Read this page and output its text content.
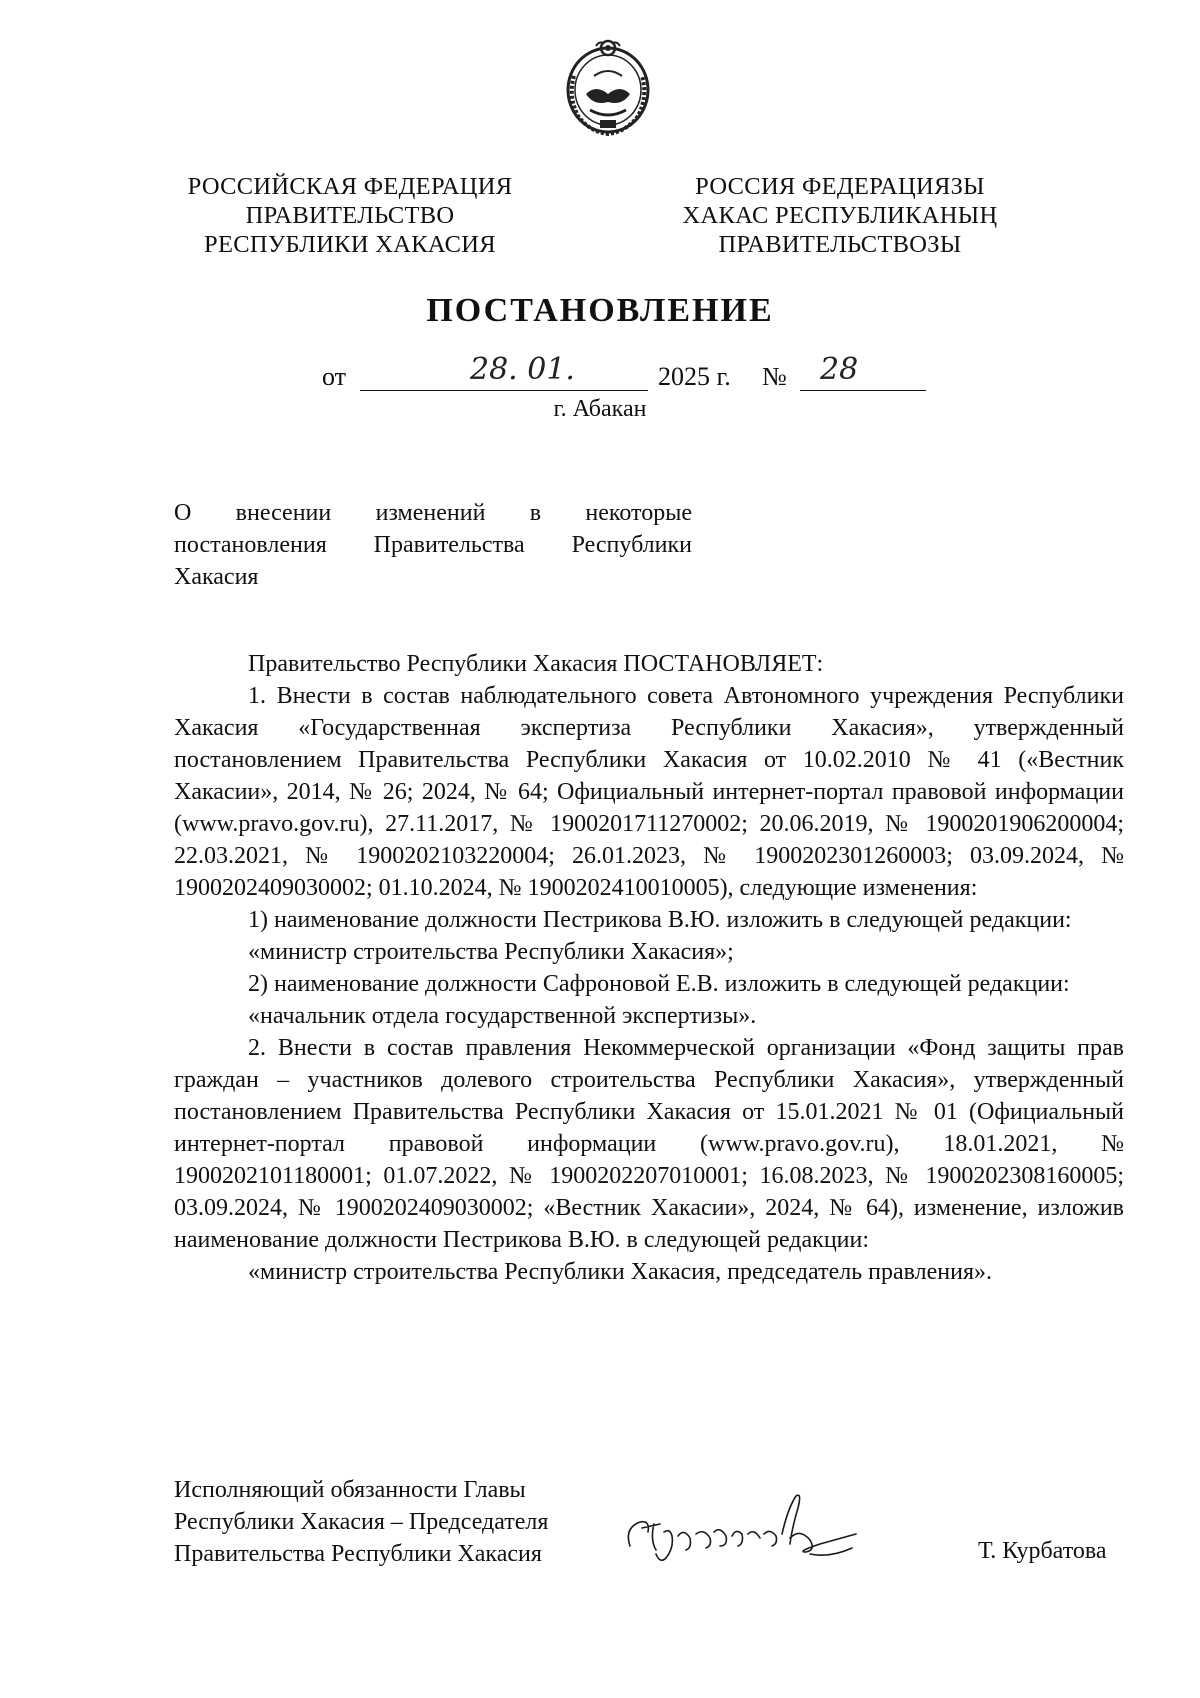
РОССИЙСКАЯ ФЕДЕРАЦИЯ
ПРАВИТЕЛЬСТВО
РЕСПУБЛИКИ ХАКАСИЯ
РОССИЯ ФЕДЕРАЦИЯЗЫ
ХАКАС РЕСПУБЛИКАНЫҢ
ПРАВИТЕЛЬСТВОЗЫ
ПОСТАНОВЛЕНИЕ
от	28. 01.	2025 г. № 28
г. Абакан
О внесении изменений в некоторые
постановления Правительства Республики
Хакасия

Правительство Республики Хакасия ПОСТАНОВЛЯЕТ:

1. Внести в состав наблюдательного совета Автономного учреждения Республики Хакасия «Государственная экспертиза Республики Хакасия», утвержденный постановлением Правительства Республики Хакасия от 10.02.2010 № 41 («Вестник Хакасии», 2014, № 26; 2024, № 64; Официальный интернет-портал правовой информации (www.pravo.gov.ru), 27.11.2017, № 1900201711270002; 20.06.2019, № 1900201906200004; 22.03.2021, № 1900202103220004; 26.01.2023, № 1900202301260003; 03.09.2024, № 1900202409030002; 01.10.2024, № 1900202410010005), следующие изменения:

1) наименование должности Пестрикова В.Ю. изложить в следующей редакции:

«министр строительства Республики Хакасия»;

2) наименование должности Сафроновой Е.В. изложить в следующей редакции:

«начальник отдела государственной экспертизы».

2. Внести в состав правления Некоммерческой организации «Фонд защиты прав граждан – участников долевого строительства Республики Хакасия», утвержденный постановлением Правительства Республики Хакасия от 15.01.2021 № 01 (Официальный интернет-портал правовой информации (www.pravo.gov.ru), 18.01.2021, № 1900202101180001; 01.07.2022, № 1900202207010001; 16.08.2023, № 1900202308160005; 03.09.2024, № 1900202409030002; «Вестник Хакасии», 2024, № 64), изменение, изложив наименование должности Пестрикова В.Ю. в следующей редакции:

«министр строительства Республики Хакасия, председатель правления».

Исполняющий обязанности Главы
Республики Хакасия – Председателя
Правительства Республики Хакасия	Т. Курбатова
